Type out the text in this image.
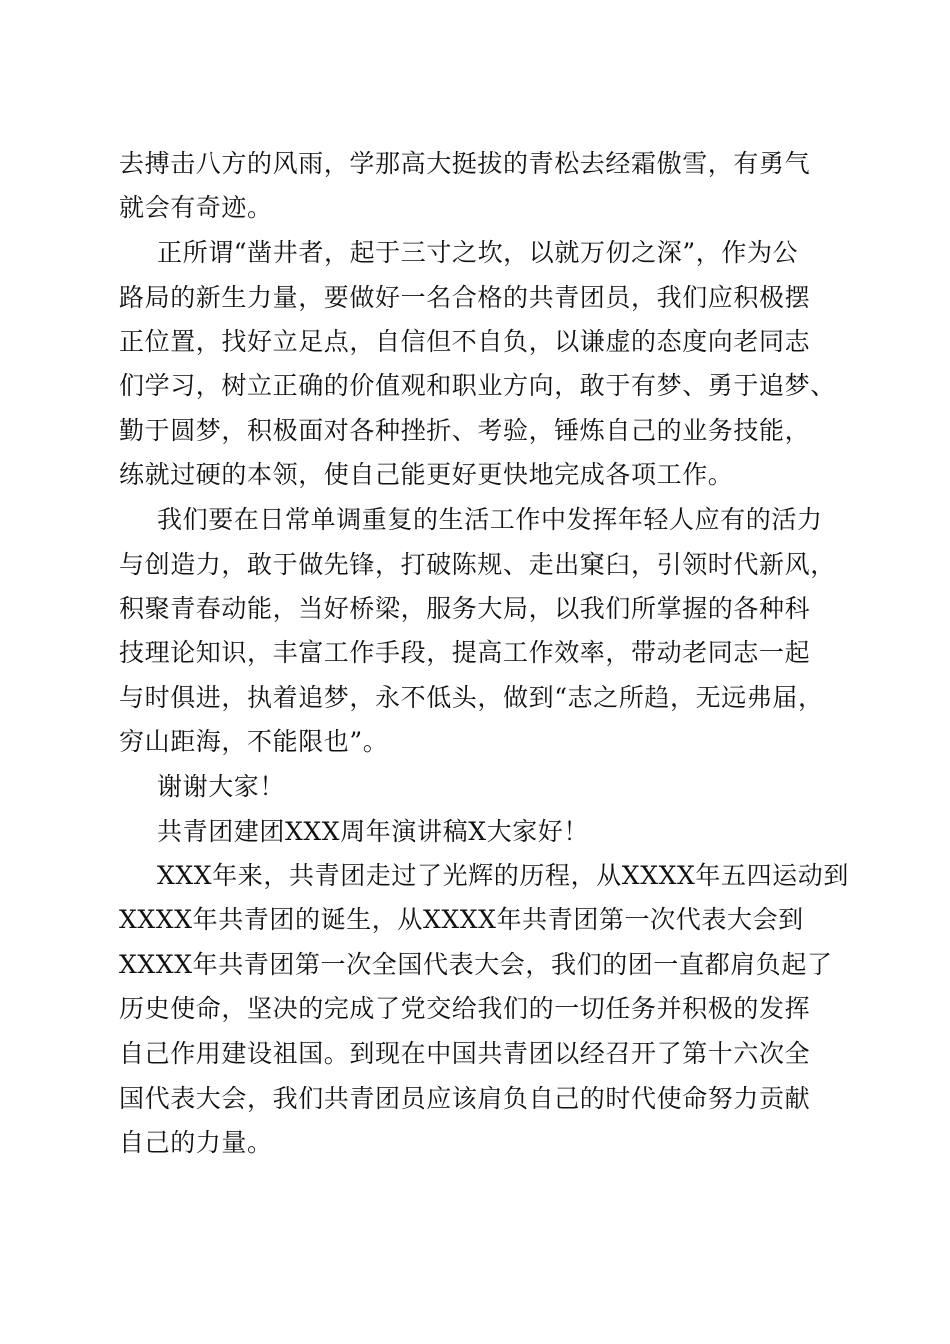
去搏击八方的风雨，学那高大挺拔的青松去经霜傲雪，有勇气
就会有奇迹。
正所谓“凿井者，起于三寸之坎，以就万仞之深”，作为公
路局的新生力量，要做好一名合格的共青团员，我们应积极摆
正位置，找好立足点，自信但不自负，以谦虚的态度向老同志
们学习，树立正确的价值观和职业方向，敢于有梦、勇于追梦、
勤于圆梦，积极面对各种挫折、考验，锤炼自己的业务技能，
练就过硬的本领，使自己能更好更快地完成各项工作。
我们要在日常单调重复的生活工作中发挥年轻人应有的活力
与创造力，敢于做先锋，打破陈规、走出窠臼，引领时代新风，
积聚青春动能，当好桥梁，服务大局，以我们所掌握的各种科
技理论知识，丰富工作手段，提高工作效率，带动老同志一起
与时俱进，执着追梦，永不低头，做到“志之所趋，无远弗届，
穷山距海，不能限也”。
谢谢大家！
共青团建团XXX周年演讲稿X大家好！
XXX年来，共青团走过了光辉的历程，从XXXX年五四运动到
XXXX年共青团的诞生，从XXXX年共青团第一次代表大会到
XXXX年共青团第一次全国代表大会，我们的团一直都肩负起了
历史使命，坚决的完成了党交给我们的一切任务并积极的发挥
自己作用建设祖国。到现在中国共青团以经召开了第十六次全
国代表大会，我们共青团员应该肩负自己的时代使命努力贡献
自己的力量。
